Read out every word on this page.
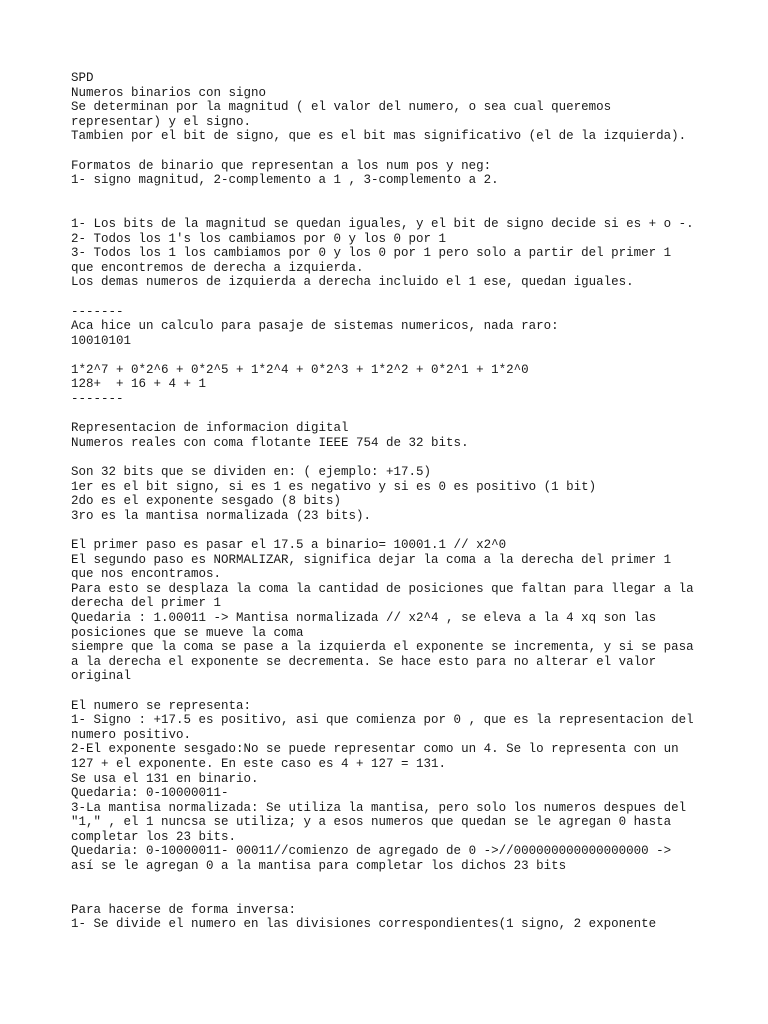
SPD
Numeros binarios con signo
Se determinan por la magnitud ( el valor del numero, o sea cual queremos
representar) y el signo.
Tambien por el bit de signo, que es el bit mas significativo (el de la izquierda).
Formatos de binario que representan a los num pos y neg:
1- signo magnitud, 2-complemento a 1 , 3-complemento a 2.
1- Los bits de la magnitud se quedan iguales, y el bit de signo decide si es + o -.
2- Todos los 1's los cambiamos por 0 y los 0 por 1
3- Todos los 1 los cambiamos por 0 y los 0 por 1 pero solo a partir del primer 1
que encontremos de derecha a izquierda.
Los demas numeros de izquierda a derecha incluido el 1 ese, quedan iguales.
-------
Aca hice un calculo para pasaje de sistemas numericos, nada raro:
10010101
1*2^7 + 0*2^6 + 0*2^5 + 1*2^4 + 0*2^3 + 1*2^2 + 0*2^1 + 1*2^0
128+  + 16 + 4 + 1
-------
Representacion de informacion digital
Numeros reales con coma flotante IEEE 754 de 32 bits.
Son 32 bits que se dividen en: ( ejemplo: +17.5)
1er es el bit signo, si es 1 es negativo y si es 0 es positivo (1 bit)
2do es el exponente sesgado (8 bits)
3ro es la mantisa normalizada (23 bits).
El primer paso es pasar el 17.5 a binario= 10001.1 // x2^0
El segundo paso es NORMALIZAR, significa dejar la coma a la derecha del primer 1
que nos encontramos.
Para esto se desplaza la coma la cantidad de posiciones que faltan para llegar a la
derecha del primer 1
Quedaria : 1.00011 -> Mantisa normalizada // x2^4 , se eleva a la 4 xq son las
posiciones que se mueve la coma
siempre que la coma se pase a la izquierda el exponente se incrementa, y si se pasa
a la derecha el exponente se decrementa. Se hace esto para no alterar el valor
original
El numero se representa:
1- Signo : +17.5 es positivo, asi que comienza por 0 , que es la representacion del
numero positivo.
2-El exponente sesgado:No se puede representar como un 4. Se lo representa con un
127 + el exponente. En este caso es 4 + 127 = 131.
Se usa el 131 en binario.
Quedaria: 0-10000011-
3-La mantisa normalizada: Se utiliza la mantisa, pero solo los numeros despues del
"1," , el 1 nuncsa se utiliza; y a esos numeros que quedan se le agregan 0 hasta
completar los 23 bits.
Quedaria: 0-10000011- 00011//comienzo de agregado de 0 ->//000000000000000000 ->
así se le agregan 0 a la mantisa para completar los dichos 23 bits
Para hacerse de forma inversa:
1- Se divide el numero en las divisiones correspondientes(1 signo, 2 exponente
